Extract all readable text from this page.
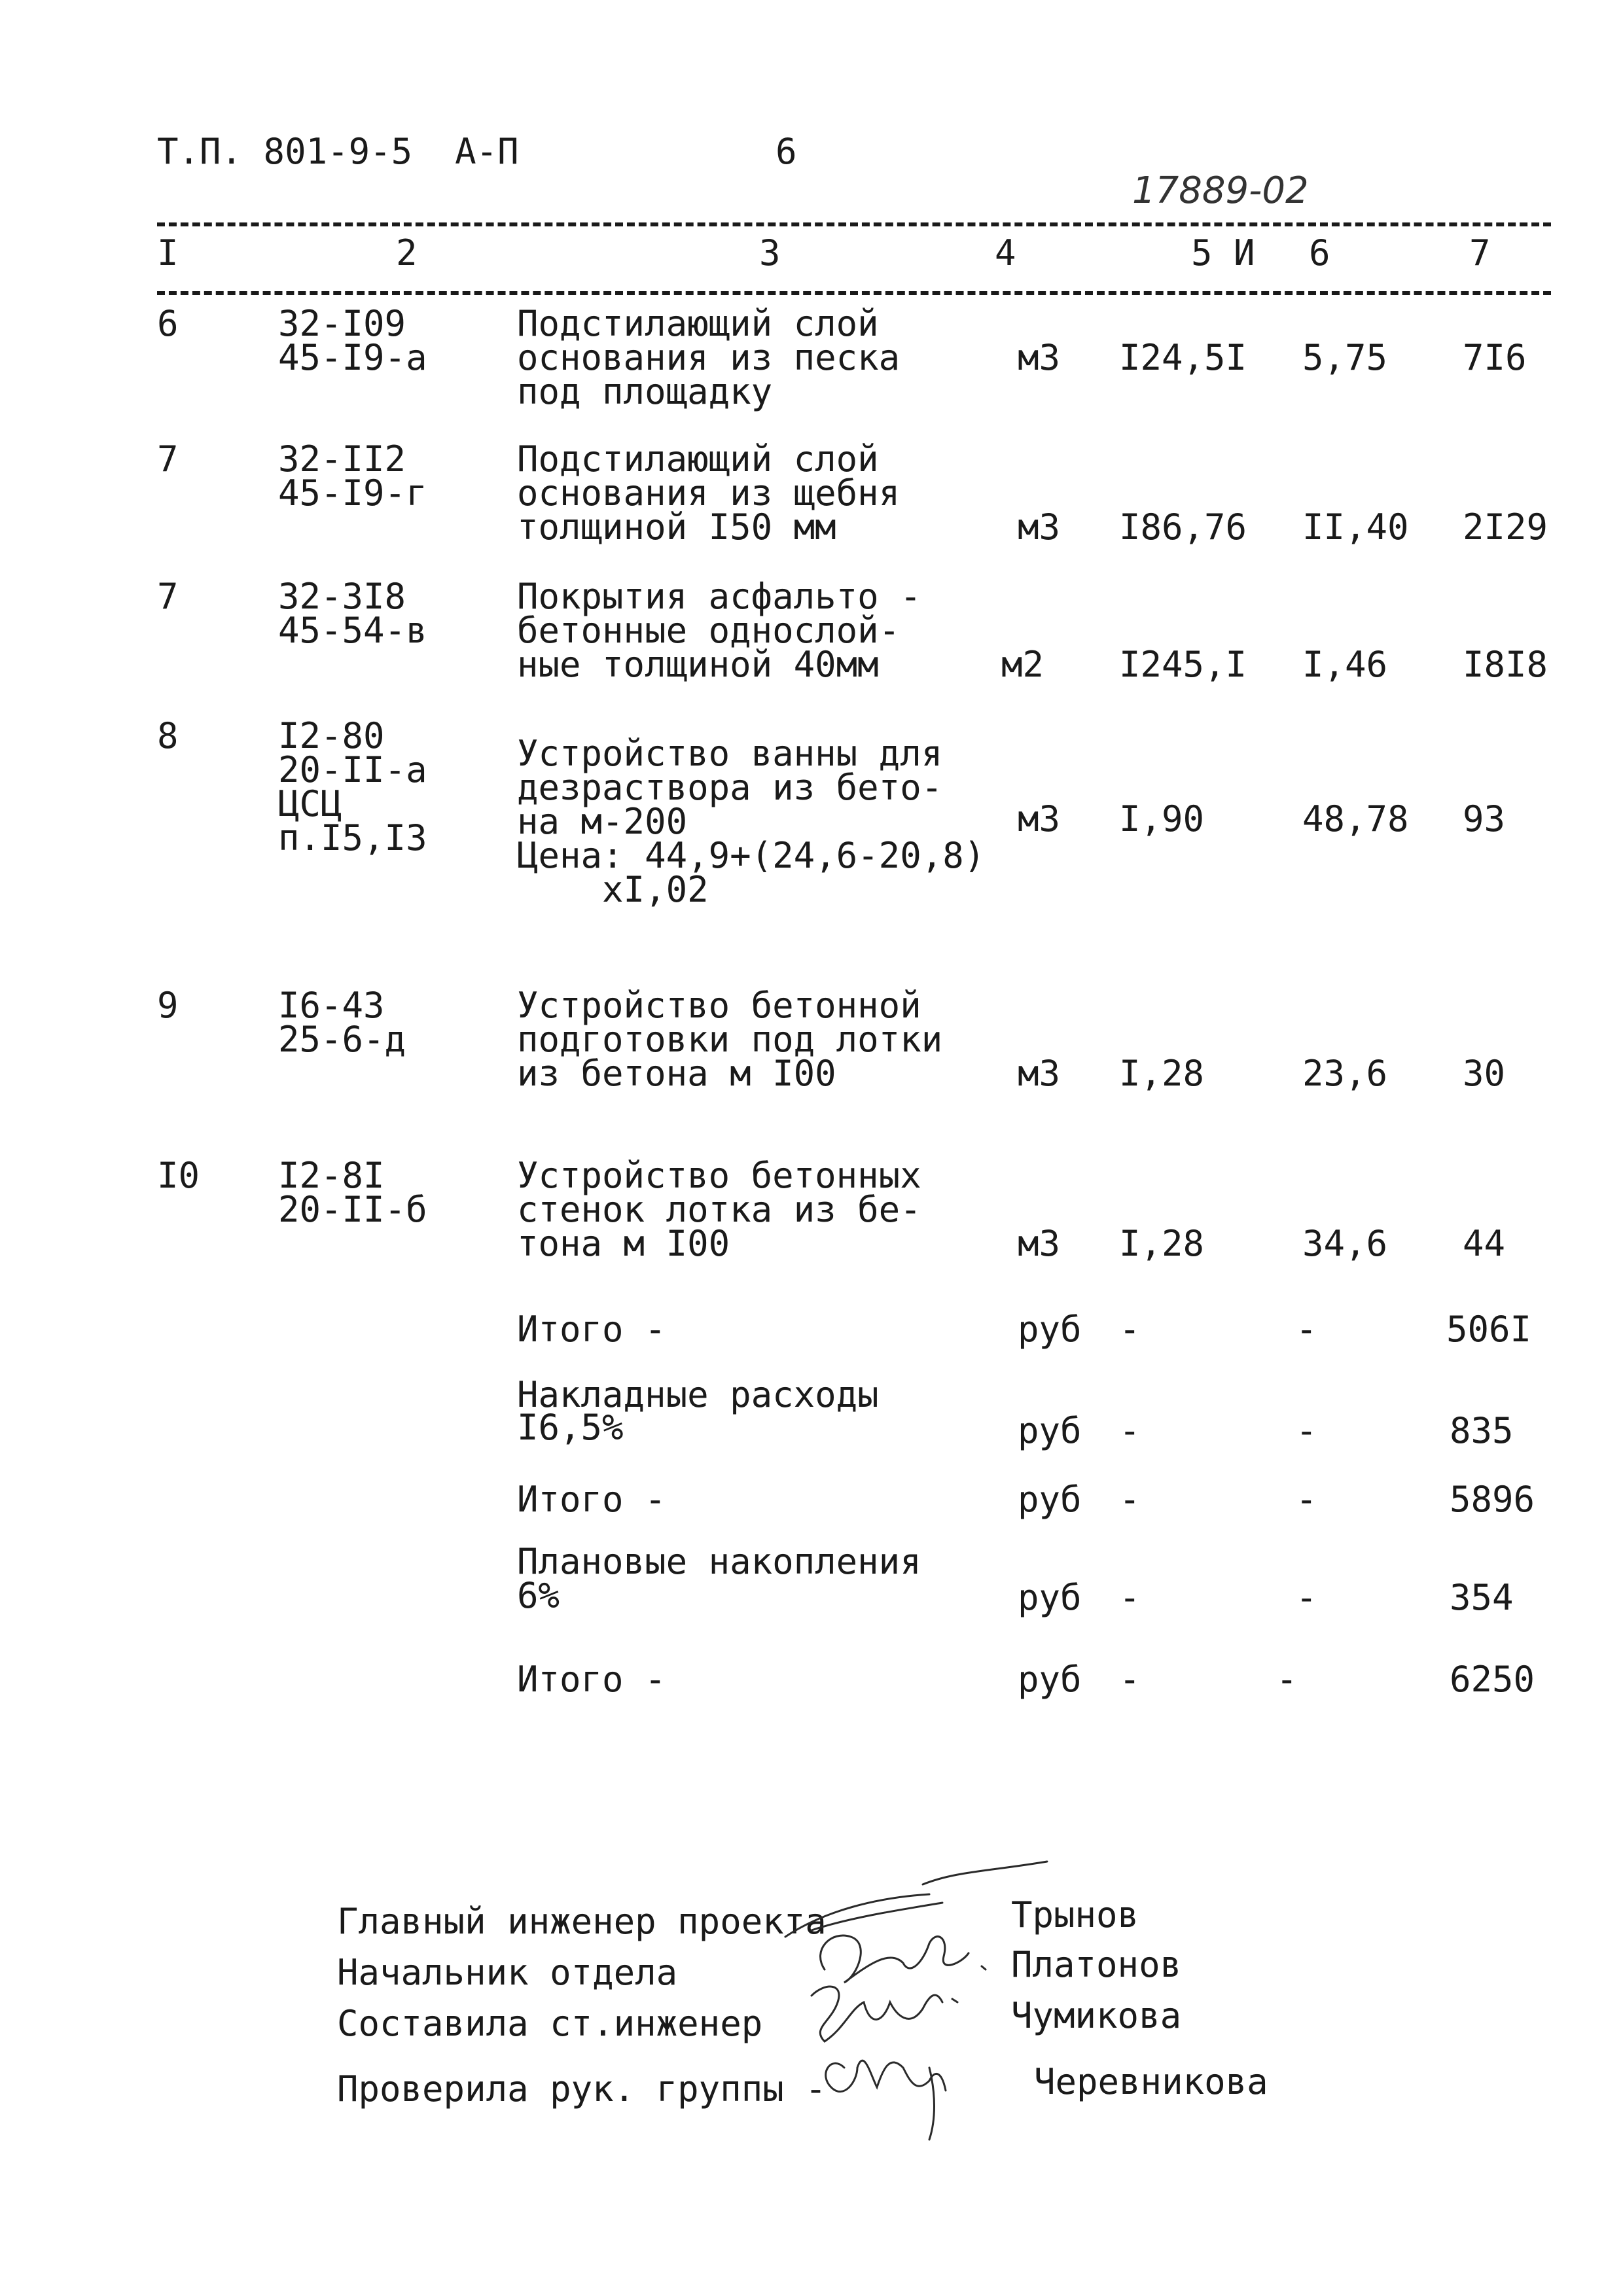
Т.П. 801-9-5  А-П	6
17889-02
I	2	3	4	5 И 6	7
6	32-I09
45-I9-а
Подстилающий слой
основания из песка
под площадку
м3 I24,5I 5,75 7I6
7	32-II2
45-I9-г
Подстилающий слой
основания из щебня
толщиной I50 мм	м3 I86,76 II,40 2I29
7	32-3I8
45-54-в
Покрытия асфальто -
бетонные однослой-
ные толщиной 40мм	м2 I245,I I,46 I8I8
8	I2-80
20-II-а
ЦСЦ
п.I5,I3
Устройство ванны для
дезраствора из бето-
на м-200
Цена: 44,9+(24,6-20,8)
xI,02
м3 I,90	48,78 93
9	I6-43
25-6-д
Устройство бетонной
подготовки под лотки
из бетона м I00	м3 I,28	23,6 30
I0 I2-8I
20-II-б
Устройство бетонных
стенок лотка из бе-
тона м I00	м3 I,28	34,6 44
Итого -	руб -	-	506I
Накладные расходы
I6,5%	руб -	-	835
Итого -	руб -	-	5896
Плановые накопления
6%	руб -	-	354
Итого -	руб -	-	6250
Главный инженер проекта	Трынов
Начальник отдела	Платонов
Составила ст.инженер	Чумикова
Проверила рук. группы -	Черевникова
